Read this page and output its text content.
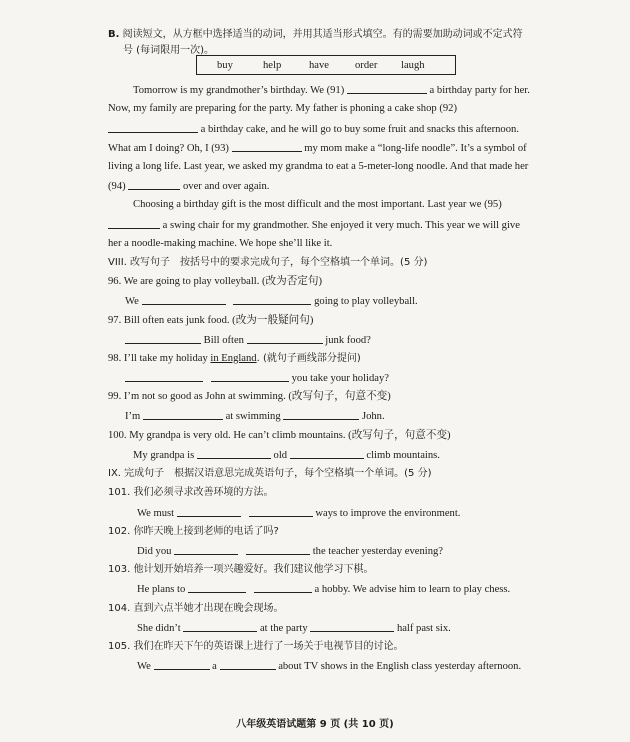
B. 阅读短文，从方框中选择适当的动词，并用其适当形式填空。有的需要加助动词或不定式符

号 (每词限用一次)。

buy	help	have order laugh

Tomorrow is my grandmother’s birthday. We (91)	a birthday party for her.

Now, my family are preparing for the party. My father is phoning a cake shop (92)

a birthday cake, and he will go to buy some fruit and snacks this afternoon.

What am I doing? Oh, I (93)	my mom make a “long-life noodle”. It’s a symbol of

living a long life. Last year, we asked my grandma to eat a 5-meter-long noodle. And that made her

(94)	over and over again.

Choosing a birthday gift is the most difficult and the most important. Last year we (95)

a swing chair for my grandmother. She enjoyed it very much. This year we will give

her a noodle-making machine. We hope she’ll like it.

VIII. 改写句子　按括号中的要求完成句子，每个空格填一个单词。(5 分)

96. We are going to play volleyball. (改为否定句)

We	going to play volleyball.

97. Bill often eats junk food. (改为一般疑问句)

Bill often	junk food?

98. I’ll take my holiday in England. (就句子画线部分提问)

you take your holiday?

99. I’m not so good as John at swimming. (改写句子，句意不变)

I’m	at swimming	John.

100. My grandpa is very old. He can’t climb mountains. (改写句子，句意不变)

My grandpa is	old	climb mountains.

IX. 完成句子　根据汉语意思完成英语句子，每个空格填一个单词。(5 分)

101. 我们必须寻求改善环境的方法。

We must	ways to improve the environment.

102. 你昨天晚上接到老师的电话了吗?

Did you	the teacher yesterday evening?

103. 他计划开始培养一项兴趣爱好。我们建议他学习下棋。

He plans to	a hobby. We advise him to learn to play chess.

104. 直到六点半她才出现在晚会现场。

She didn’t	at the party	half past six.

105. 我们在昨天下午的英语课上进行了一场关于电视节目的讨论。

We	a	about TV shows in the English class yesterday afternoon.

八年级英语试题第 9 页 (共 10 页)
